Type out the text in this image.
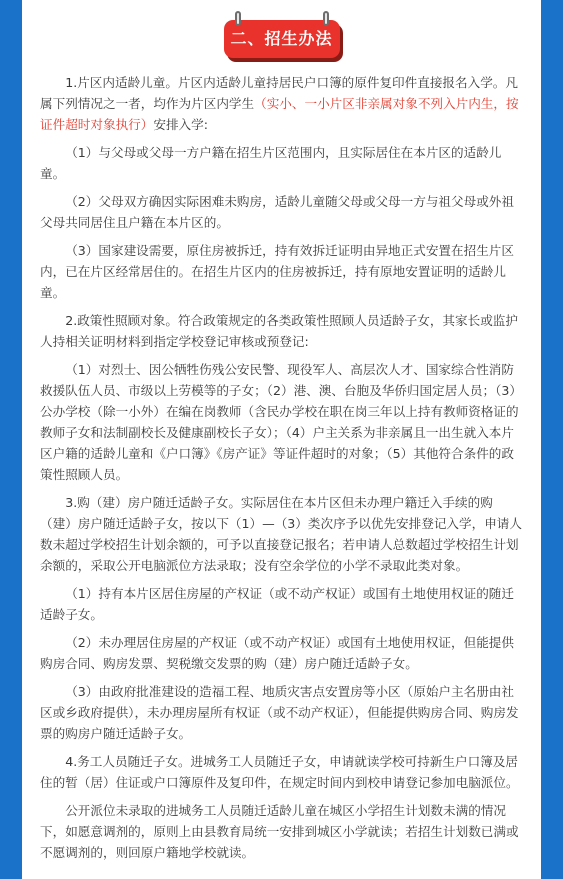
二、招生办法

1.片区内适龄儿童。片区内适龄儿童持居民户口簿的原件复印件直接报名入学。凡属下列情况之一者，均作为片区内学生（实小、一小片区非亲属对象不列入片内生，按证件超时对象执行）安排入学:

（1）与父母或父母一方户籍在招生片区范围内，且实际居住在本片区的适龄儿童。

（2）父母双方确因实际困难未购房，适龄儿童随父母或父母一方与祖父母或外祖父母共同居住且户籍在本片区的。

（3）国家建设需要，原住房被拆迁，持有效拆迁证明由异地正式安置在招生片区内，已在片区经常居住的。在招生片区内的住房被拆迁，持有原地安置证明的适龄儿童。

2.政策性照顾对象。符合政策规定的各类政策性照顾人员适龄子女，其家长或监护人持相关证明材料到指定学校登记审核或预登记:

（1）对烈士、因公牺牲伤残公安民警、现役军人、高层次人才、国家综合性消防救援队伍人员、市级以上劳模等的子女；（2）港、澳、台胞及华侨归国定居人员；（3）公办学校（除一小外）在编在岗教师（含民办学校在职在岗三年以上持有教师资格证的教师子女和法制副校长及健康副校长子女）；（4）户主关系为非亲属且一出生就入本片区户籍的适龄儿童和《户口簿》《房产证》等证件超时的对象；（5）其他符合条件的政策性照顾人员。

3.购（建）房户随迁适龄子女。实际居住在本片区但未办理户籍迁入手续的购（建）房户随迁适龄子女，按以下（1）—（3）类次序予以优先安排登记入学，申请人数未超过学校招生计划余额的，可予以直接登记报名；若申请人总数超过学校招生计划余额的，采取公开电脑派位方法录取；没有空余学位的小学不录取此类对象。

（1）持有本片区居住房屋的产权证（或不动产权证）或国有土地使用权证的随迁适龄子女。

（2）未办理居住房屋的产权证（或不动产权证）或国有土地使用权证，但能提供购房合同、购房发票、契税缴交发票的购（建）房户随迁适龄子女。

（3）由政府批准建设的造福工程、地质灾害点安置房等小区（原始户主名册由社区或乡政府提供），未办理房屋所有权证（或不动产权证），但能提供购房合同、购房发票的购房户随迁适龄子女。

4.务工人员随迁子女。进城务工人员随迁子女，申请就读学校可持新生户口簿及居住的暂（居）住证或户口簿原件及复印件，在规定时间内到校申请登记参加电脑派位。

公开派位未录取的进城务工人员随迁适龄儿童在城区小学招生计划数未满的情况下，如愿意调剂的，原则上由县教育局统一安排到城区小学就读；若招生计划数已满或不愿调剂的，则回原户籍地学校就读。
